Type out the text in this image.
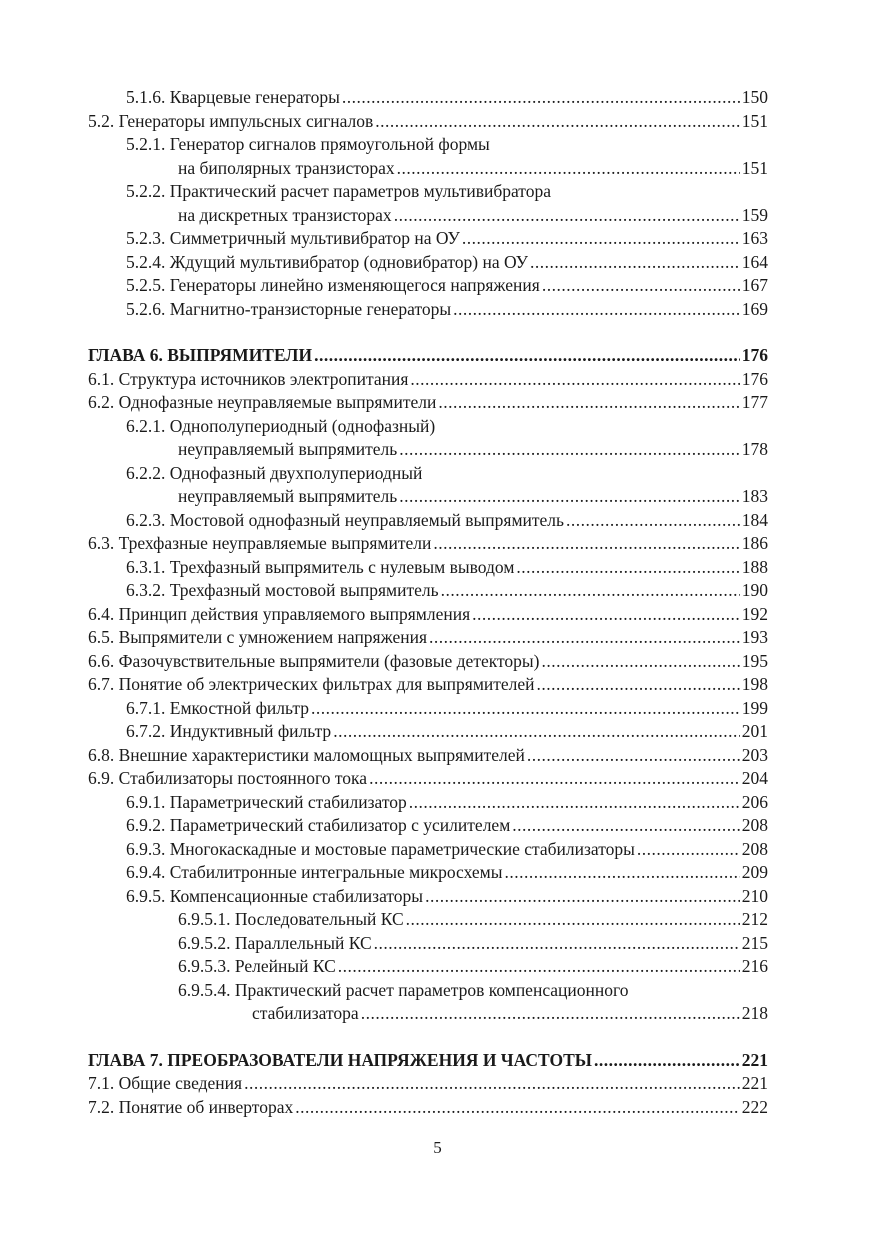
5.1.6. Кварцевые генераторы .....	150
5.2. Генераторы импульсных сигналов .....	151
5.2.1. Генератор сигналов прямоугольной формы
на биполярных транзисторах .....	151
5.2.2. Практический расчет параметров мультивибратора
на дискретных транзисторах .....	159
5.2.3. Симметричный мультивибратор на ОУ .....	163
5.2.4. Ждущий мультивибратор (одновибратор) на ОУ .....	164
5.2.5. Генераторы линейно изменяющегося напряжения .....	167
5.2.6. Магнитно-транзисторные генераторы .....	169
ГЛАВА 6. ВЫПРЯМИТЕЛИ .....	176
6.1. Структура источников электропитания .....	176
6.2. Однофазные неуправляемые выпрямители .....	177
6.2.1. Однополупериодный (однофазный)
неуправляемый выпрямитель .....	178
6.2.2. Однофазный двухполупериодный
неуправляемый выпрямитель .....	183
6.2.3. Мостовой однофазный неуправляемый выпрямитель .....	184
6.3. Трехфазные неуправляемые выпрямители .....	186
6.3.1. Трехфазный выпрямитель с нулевым выводом .....	188
6.3.2. Трехфазный мостовой выпрямитель .....	190
6.4. Принцип действия управляемого выпрямления .....	192
6.5. Выпрямители с умножением напряжения .....	193
6.6. Фазочувствительные выпрямители (фазовые детекторы) .....	195
6.7. Понятие об электрических фильтрах для выпрямителей .....	198
6.7.1. Емкостной фильтр .....	199
6.7.2. Индуктивный фильтр .....	201
6.8. Внешние характеристики маломощных выпрямителей .....	203
6.9. Стабилизаторы постоянного тока .....	204
6.9.1. Параметрический стабилизатор .....	206
6.9.2. Параметрический стабилизатор с усилителем .....	208
6.9.3. Многокаскадные и мостовые параметрические стабилизаторы .....	208
6.9.4. Стабилитронные интегральные микросхемы .....	209
6.9.5. Компенсационные стабилизаторы .....	210
6.9.5.1. Последовательный КС .....	212
6.9.5.2. Параллельный КС .....	215
6.9.5.3. Релейный КС .....	216
6.9.5.4. Практический расчет параметров компенсационного
стабилизатора .....	218
ГЛАВА 7. ПРЕОБРАЗОВАТЕЛИ НАПРЯЖЕНИЯ И ЧАСТОТЫ .....	221
7.1. Общие сведения .....	221
7.2. Понятие об инверторах .....	222
5
